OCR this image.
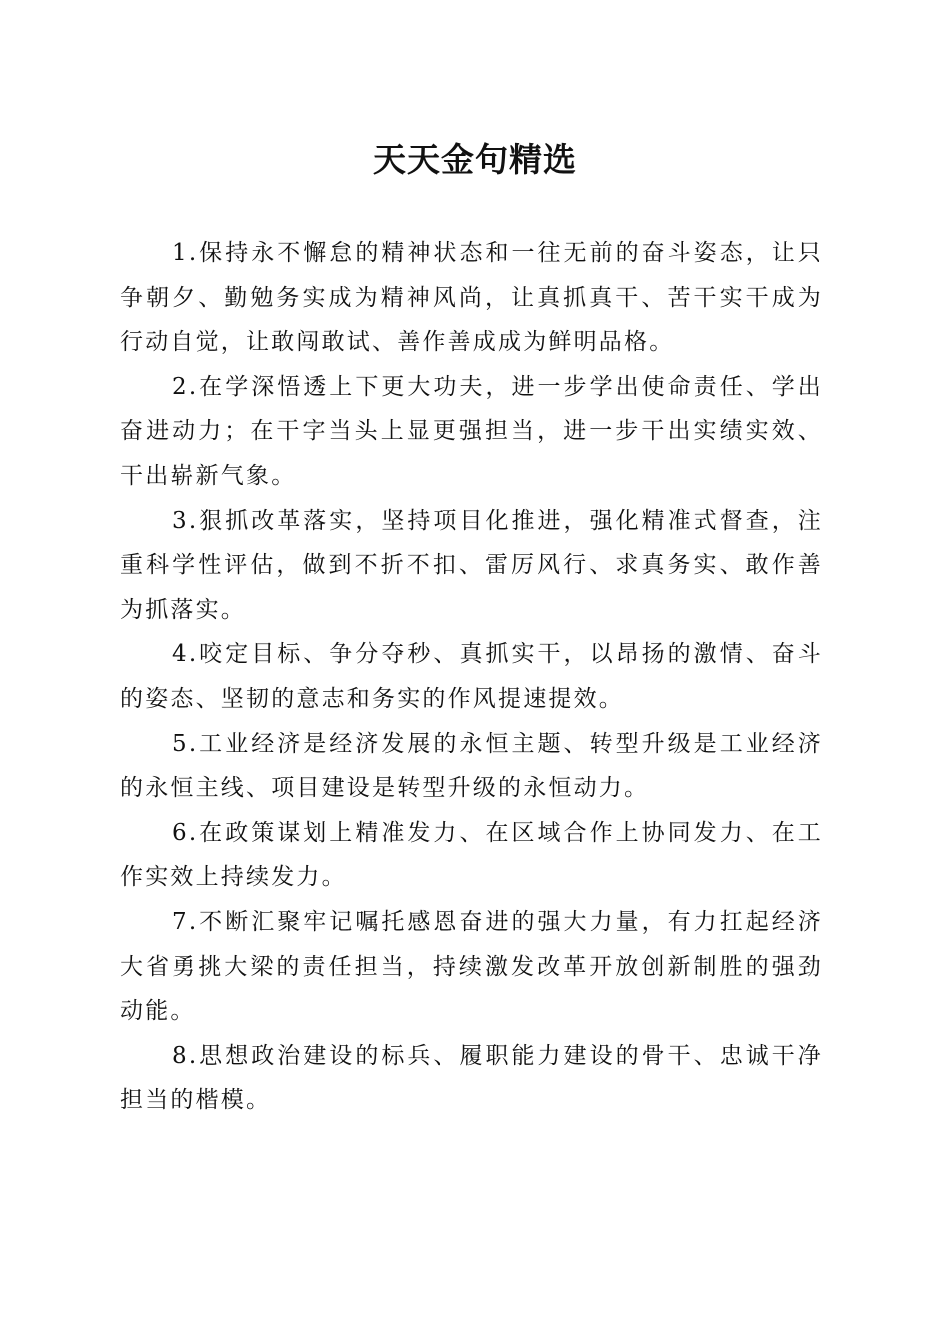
天天金句精选

1.保持永不懈怠的精神状态和一往无前的奋斗姿态，让只争朝夕、勤勉务实成为精神风尚，让真抓真干、苦干实干成为行动自觉，让敢闯敢试、善作善成成为鲜明品格。

2.在学深悟透上下更大功夫，进一步学出使命责任、学出奋进动力；在干字当头上显更强担当，进一步干出实绩实效、干出崭新气象。

3.狠抓改革落实，坚持项目化推进，强化精准式督查，注重科学性评估，做到不折不扣、雷厉风行、求真务实、敢作善为抓落实。

4.咬定目标、争分夺秒、真抓实干，以昂扬的激情、奋斗的姿态、坚韧的意志和务实的作风提速提效。

5.工业经济是经济发展的永恒主题、转型升级是工业经济的永恒主线、项目建设是转型升级的永恒动力。

6.在政策谋划上精准发力、在区域合作上协同发力、在工作实效上持续发力。

7.不断汇聚牢记嘱托感恩奋进的强大力量，有力扛起经济大省勇挑大梁的责任担当，持续激发改革开放创新制胜的强劲动能。

8.思想政治建设的标兵、履职能力建设的骨干、忠诚干净担当的楷模。
